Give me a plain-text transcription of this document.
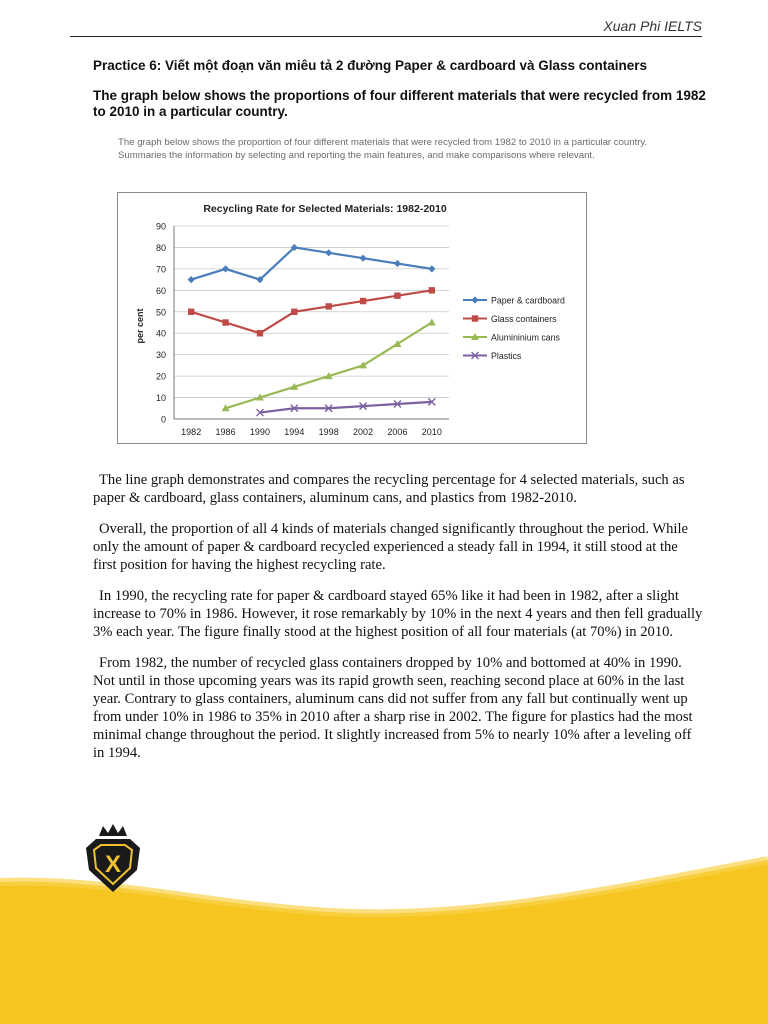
Xuan Phi IELTS
Practice 6: Viết một đoạn văn miêu tả 2 đường Paper & cardboard và Glass containers
The graph below shows the proportions of four different materials that were recycled from 1982 to 2010 in a particular country.
The graph below shows the proportion of four different materials that were recycled from 1982 to 2010 in a particular country.
Summaries the information by selecting and reporting the main features, and make comparisons where relevant.
Recycling Rate for Selected Materials: 1982-2010
per cent
0
10
20
30
40
50
60
70
80
90
1982 1986 1990 1994 1998 2002 2006 2010
Paper & cardboard
Glass containers
Alumininium cans
Plastics

The line graph demonstrates and compares the recycling percentage for 4 selected materials, such as paper & cardboard, glass containers, aluminum cans, and plastics from 1982-2010.

Overall, the proportion of all 4 kinds of materials changed significantly throughout the period. While only the amount of paper & cardboard recycled experienced a steady fall in 1994, it still stood at the first position for having the highest recycling rate.

In 1990, the recycling rate for paper & cardboard stayed 65% like it had been in 1982, after a slight increase to 70% in 1986. However, it rose remarkably by 10% in the next 4 years and then fell gradually 3% each year. The figure finally stood at the highest position of all four materials (at 70%) in 2010.

From 1982, the number of recycled glass containers dropped by 10% and bottomed at 40% in 1990. Not until in those upcoming years was its rapid growth seen, reaching second place at 60% in the last year. Contrary to glass containers, aluminum cans did not suffer from any fall but continually went up from under 10% in 1986 to 35% in 2010 after a sharp rise in 2002. The figure for plastics had the most minimal change throughout the period. It slightly increased from 5% to nearly 10% after a leveling off in 1994.

X
